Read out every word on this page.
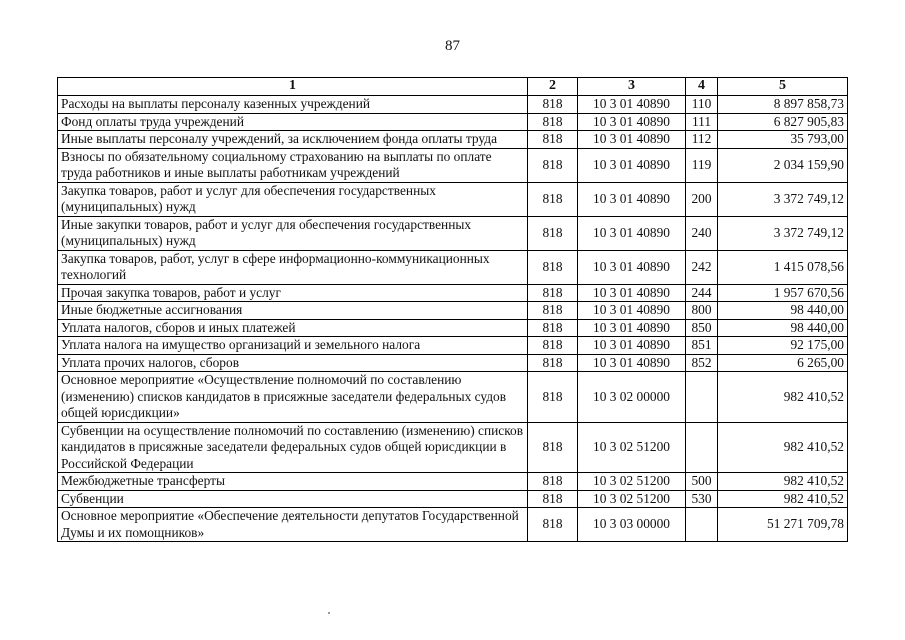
87
1	2	3	4	5
Расходы на выплаты персоналу казенных учреждений	818	10 3 01 40890	110	8 897 858,73
Фонд оплаты труда учреждений	818	10 3 01 40890	111	6 827 905,83
Иные выплаты персоналу учреждений, за исключением фонда оплаты труда	818	10 3 01 40890	112	35 793,00
Взносы по обязательному социальному страхованию на выплаты по оплате труда работников и иные выплаты работникам учреждений	818	10 3 01 40890	119	2 034 159,90
Закупка товаров, работ и услуг для обеспечения государственных (муниципальных) нужд	818	10 3 01 40890	200	3 372 749,12
Иные закупки товаров, работ и услуг для обеспечения государственных (муниципальных) нужд	818	10 3 01 40890	240	3 372 749,12
Закупка товаров, работ, услуг в сфере информационно-коммуникационных технологий	818	10 3 01 40890	242	1 415 078,56
Прочая закупка товаров, работ и услуг	818	10 3 01 40890	244	1 957 670,56
Иные бюджетные ассигнования	818	10 3 01 40890	800	98 440,00
Уплата налогов, сборов и иных платежей	818	10 3 01 40890	850	98 440,00
Уплата налога на имущество организаций и земельного налога	818	10 3 01 40890	851	92 175,00
Уплата прочих налогов, сборов	818	10 3 01 40890	852	6 265,00
Основное мероприятие «Осуществление полномочий по составлению (изменению) списков кандидатов в присяжные заседатели федеральных судов общей юрисдикции»	818	10 3 02 00000		982 410,52
Субвенции на осуществление полномочий по составлению (изменению) списков кандидатов в присяжные заседатели федеральных судов общей юрисдикции в Российской Федерации	818	10 3 02 51200		982 410,52
Межбюджетные трансферты	818	10 3 02 51200	500	982 410,52
Субвенции	818	10 3 02 51200	530	982 410,52
Основное мероприятие «Обеспечение деятельности депутатов Государственной Думы и их помощников»	818	10 3 03 00000		51 271 709,78
